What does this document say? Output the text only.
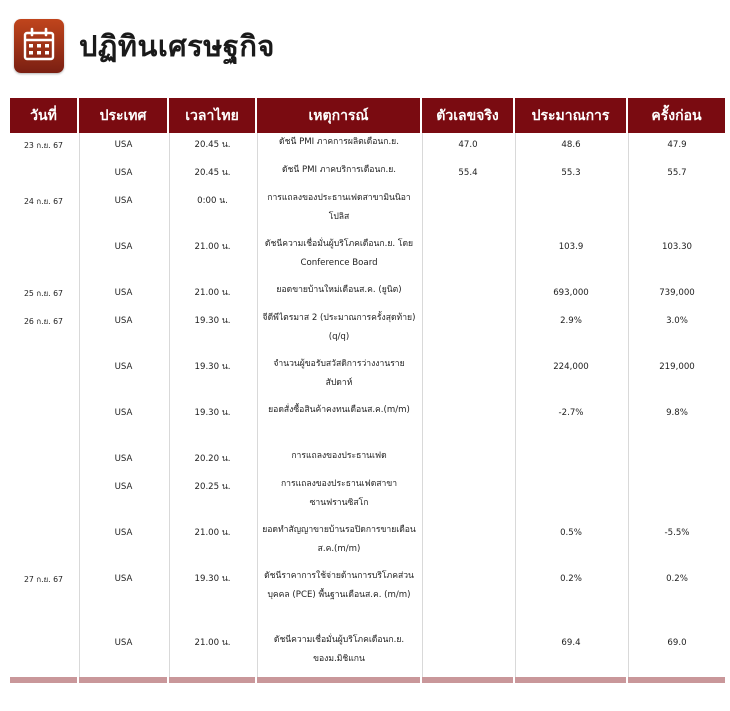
ปฏิทินเศรษฐกิจ
วันที่	ประเทศ	เวลาไทย	เหตุการณ์	ตัวเลขจริง	ประมาณการ	ครั้งก่อน
23 ก.ย. 67	USA	20.45 น.	ดัชนี PMI ภาคการผลิตเดือนก.ย.	47.0	48.6	47.9
	USA	20.45 น.	ดัชนี PMI ภาคบริการเดือนก.ย.	55.4	55.3	55.7
24 ก.ย. 67	USA	0:00 น.	การแถลงของประธานเฟดสาขามินนิอาโปลิส			
	USA	21.00 น.	ดัชนีความเชื่อมั่นผู้บริโภคเดือนก.ย. โดย Conference Board		103.9	103.30
25 ก.ย. 67	USA	21.00 น.	ยอดขายบ้านใหม่เดือนส.ค. (ยูนิต)		693,000	739,000
26 ก.ย. 67	USA	19.30 น.	จีดีพีไตรมาส 2 (ประมาณการครั้งสุดท้าย) (q/q)		2.9%	3.0%
	USA	19.30 น.	จำนวนผู้ขอรับสวัสดิการว่างงานรายสัปดาห์		224,000	219,000
	USA	19.30 น.	ยอดสั่งซื้อสินค้าคงทนเดือนส.ค.(m/m)		-2.7%	9.8%
	USA	20.20 น.	การแถลงของประธานเฟด			
	USA	20.25 น.	การแถลงของประธานเฟดสาขาซานฟรานซิสโก			
	USA	21.00 น.	ยอดทำสัญญาขายบ้านรอปิดการขายเดือนส.ค.(m/m)		0.5%	-5.5%
27 ก.ย. 67	USA	19.30 น.	ดัชนีราคาการใช้จ่ายด้านการบริโภคส่วนบุคคล (PCE) พื้นฐานเดือนส.ค. (m/m)		0.2%	0.2%
	USA	21.00 น.	ดัชนีความเชื่อมั่นผู้บริโภคเดือนก.ย. ของม.มิชิแกน		69.4	69.0
